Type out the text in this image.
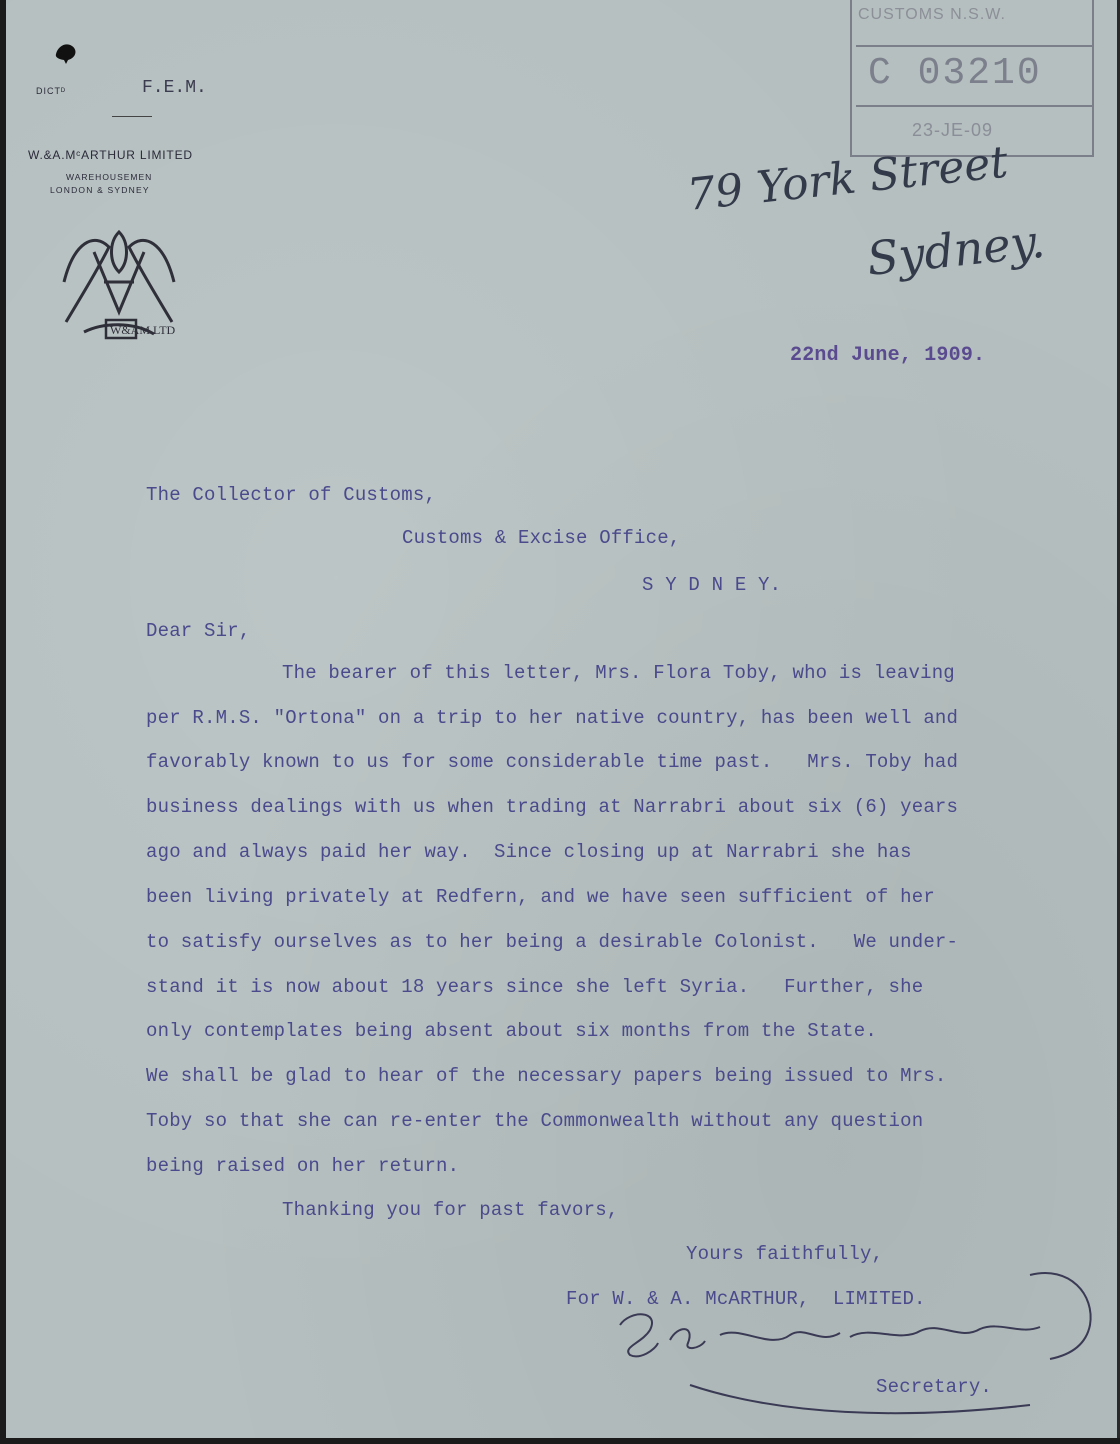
DICTᴰ	F.E.M.
W.&A.MᶜARTHUR LIMITED
WAREHOUSEMEN
LONDON & SYDNEY
W&AM LTD
CUSTOMS N.S.W.
C 03210
23-JE-09
79 York Street
Sydney.
22nd June, 1909.
The Collector of Customs,
Customs & Excise Office,
S Y D N E Y.
Dear Sir,
The bearer of this letter, Mrs. Flora Toby, who is leaving
per R.M.S. "Ortona" on a trip to her native country, has been well and
favorably known to us for some considerable time past.   Mrs. Toby had
business dealings with us when trading at Narrabri about six (6) years
ago and always paid her way.  Since closing up at Narrabri she has
been living privately at Redfern, and we have seen sufficient of her
to satisfy ourselves as to her being a desirable Colonist.   We under-
stand it is now about 18 years since she left Syria.   Further, she
only contemplates being absent about six months from the State.
We shall be glad to hear of the necessary papers being issued to Mrs.
Toby so that she can re-enter the Commonwealth without any question
being raised on her return.
Thanking you for past favors,
Yours faithfully,
For W. & A. McARTHUR,  LIMITED.
Secretary.
